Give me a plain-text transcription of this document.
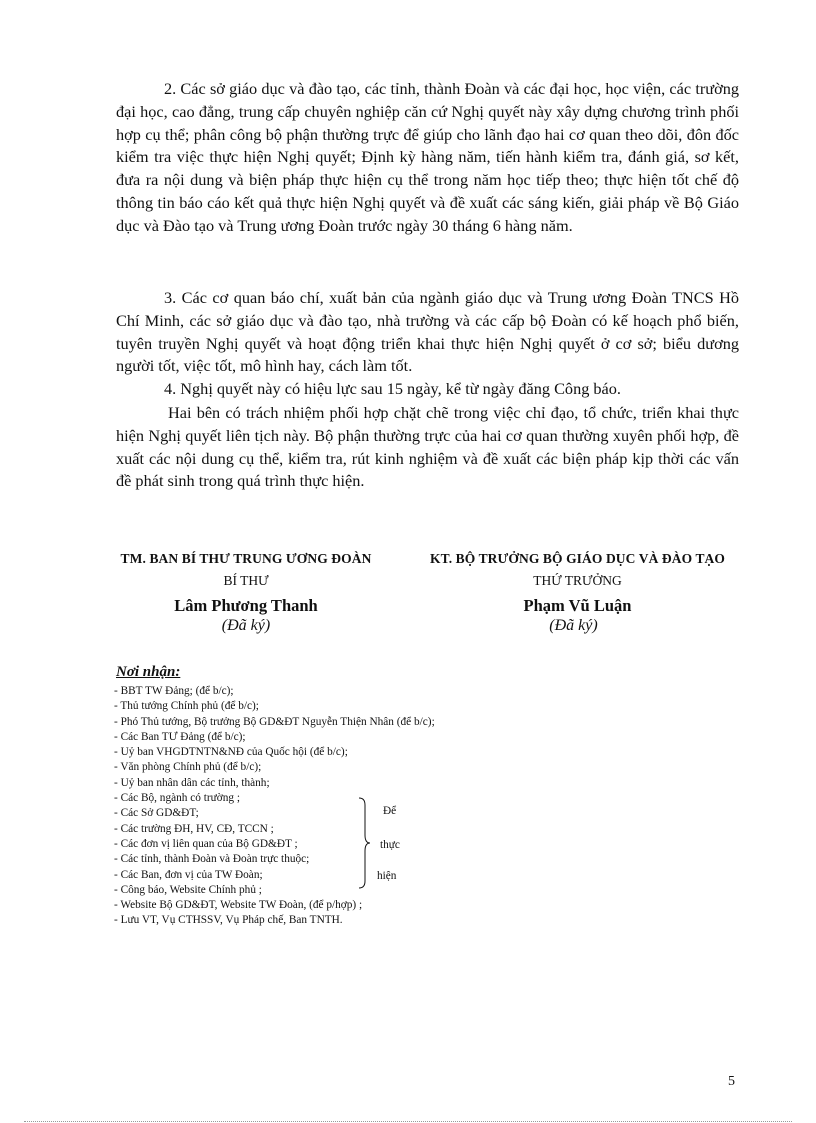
2. Các sở giáo dục và đào tạo, các tỉnh, thành Đoàn và các đại học, học viện, các trường đại học, cao đẳng, trung cấp chuyên nghiệp căn cứ Nghị quyết này xây dựng chương trình phối hợp cụ thể; phân công bộ phận thường trực để giúp cho lãnh đạo hai cơ quan theo dõi, đôn đốc kiểm tra việc thực hiện Nghị quyết; Định kỳ hàng năm, tiến hành kiểm tra, đánh giá, sơ kết, đưa ra nội dung và biện pháp thực hiện cụ thể trong năm học tiếp theo; thực hiện tốt chế độ thông tin báo cáo kết quả thực hiện Nghị quyết và đề xuất các sáng kiến, giải pháp về Bộ Giáo dục và Đào tạo và Trung ương Đoàn trước ngày 30 tháng 6 hàng năm.

3. Các cơ quan báo chí, xuất bản của ngành giáo dục và Trung ương Đoàn TNCS Hồ Chí Minh, các sở giáo dục và đào tạo, nhà trường và các cấp bộ Đoàn có kế hoạch phổ biến, tuyên truyền Nghị quyết và hoạt động triển khai thực hiện Nghị quyết ở cơ sở; biểu dương người tốt, việc tốt, mô hình hay, cách làm tốt.

4. Nghị quyết này có hiệu lực sau 15 ngày, kể từ ngày đăng Công báo.

Hai bên có trách nhiệm phối hợp chặt chẽ trong việc chỉ đạo, tổ chức, triển khai thực hiện Nghị quyết liên tịch này. Bộ phận thường trực của hai cơ quan thường xuyên phối hợp, đề xuất các nội dung cụ thể, kiểm tra, rút kinh nghiệm và đề xuất các biện pháp kịp thời các vấn đề phát sinh trong quá trình thực hiện.

TM. BAN BÍ THƯ TRUNG ƯƠNG ĐOÀN
BÍ THƯ
Lâm Phương Thanh
(Đã ký)
KT. BỘ TRƯỞNG BỘ GIÁO DỤC VÀ ĐÀO TẠO
THỨ TRƯỞNG
Phạm Vũ Luận
(Đã ký)
Nơi nhận:
- BBT TW Đảng; (để b/c);
- Thủ tướng Chính phủ (để b/c);
- Phó Thủ tướng, Bộ trưởng Bộ GD&ĐT Nguyễn Thiện Nhân (để b/c);
- Các Ban TƯ Đảng (để b/c);
- Uỷ ban VHGDTNTN&NĐ của Quốc hội (để b/c);
- Văn phòng Chính phủ (để b/c);
- Uỷ ban nhân dân các tỉnh, thành;
- Các Bộ, ngành có trường ;
- Các Sở GD&ĐT;
- Các trường ĐH, HV, CĐ, TCCN ;
- Các đơn vị liên quan của Bộ GD&ĐT ;
- Các tỉnh, thành Đoàn và Đoàn trực thuộc;
- Các Ban, đơn vị của TW Đoàn;
- Công báo, Website Chính phủ ;
- Website Bộ GD&ĐT, Website TW Đoàn, (để p/hợp) ;
- Lưu VT, Vụ CTHSSV, Vụ Pháp chế, Ban TNTH.
Để
thực
hiện
5
